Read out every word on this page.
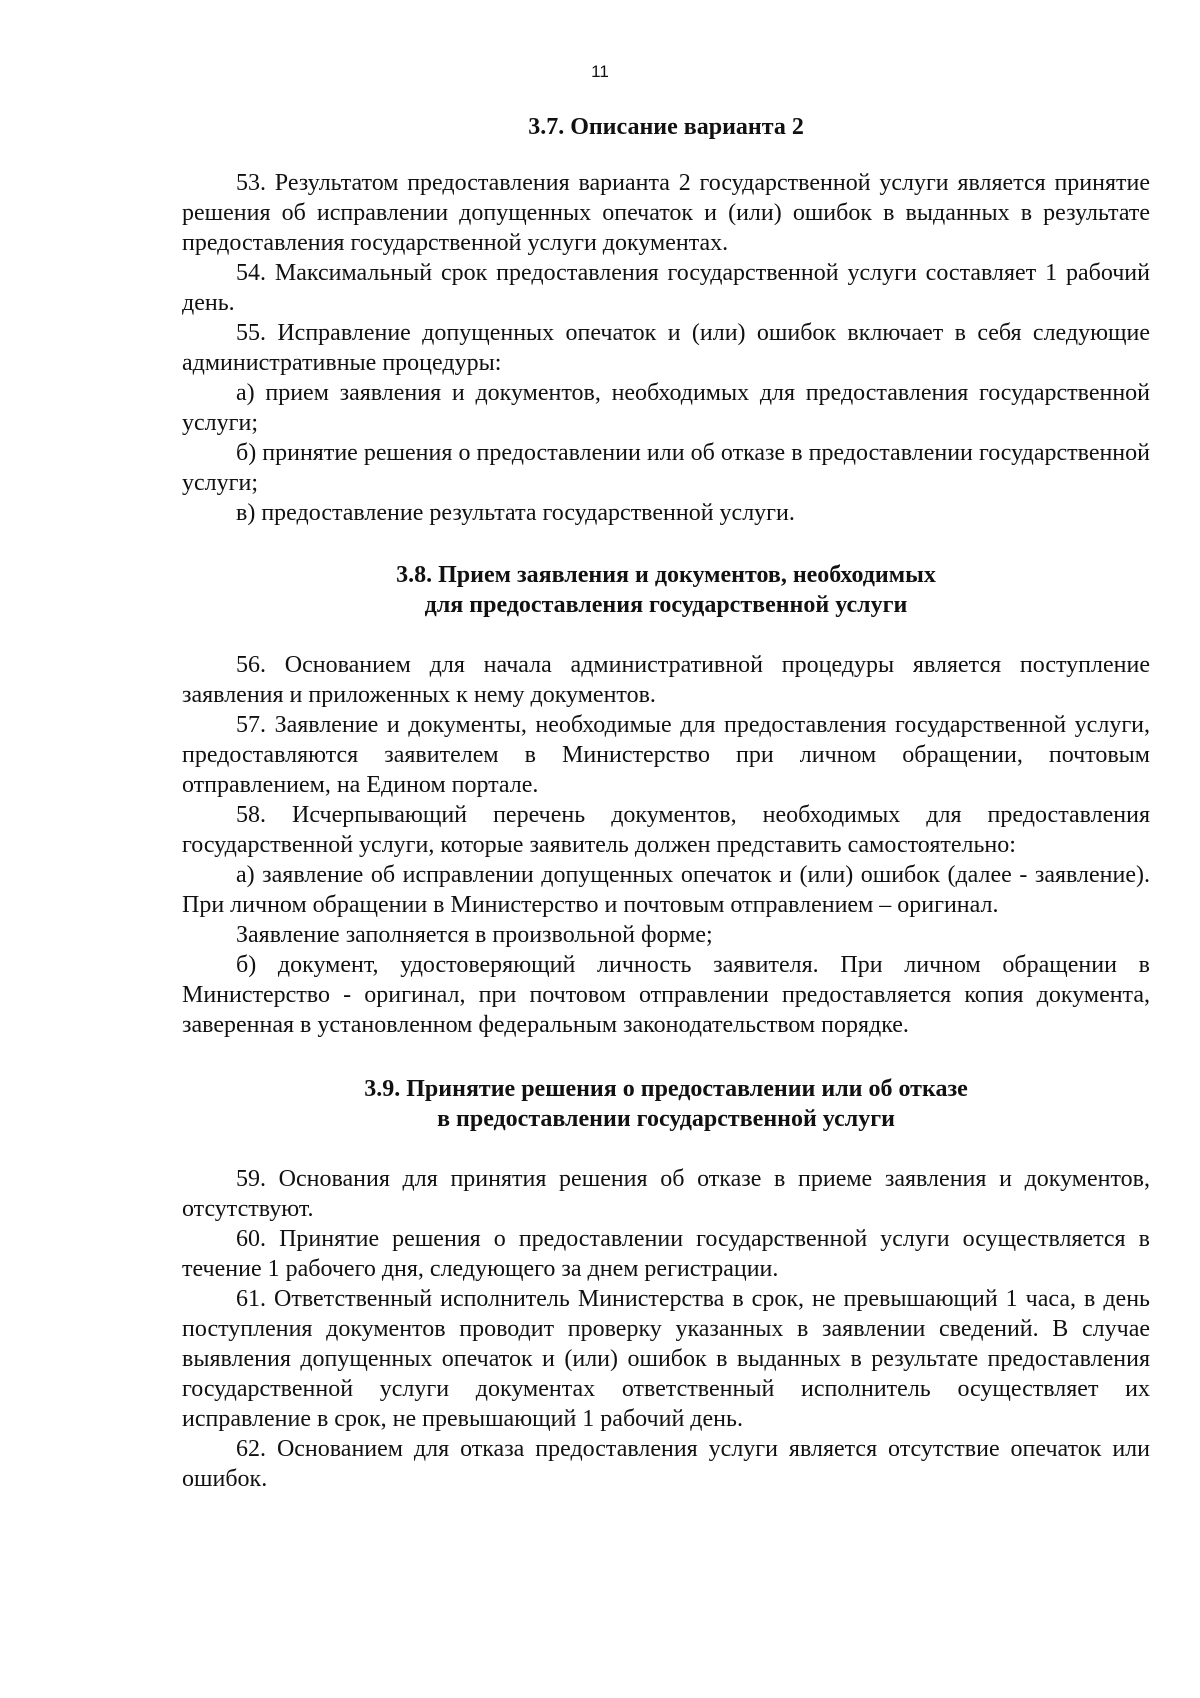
11
3.7. Описание варианта 2

53. Результатом предоставления варианта 2 государственной услуги является принятие решения об исправлении допущенных опечаток и (или) ошибок в выданных в результате предоставления государственной услуги документах.

54. Максимальный срок предоставления государственной услуги составляет 1 рабочий день.

55. Исправление допущенных опечаток и (или) ошибок включает в себя следующие административные процедуры:

а) прием заявления и документов, необходимых для предоставления государственной услуги;

б) принятие решения о предоставлении или об отказе в предоставлении государственной услуги;

в) предоставление результата государственной услуги.

3.8. Прием заявления и документов, необходимых
для предоставления государственной услуги

56. Основанием для начала административной процедуры является поступление заявления и приложенных к нему документов.

57. Заявление и документы, необходимые для предоставления государственной услуги, предоставляются заявителем в Министерство при личном обращении, почтовым отправлением, на Едином портале.

58. Исчерпывающий перечень документов, необходимых для предоставления государственной услуги, которые заявитель должен представить самостоятельно:

а) заявление об исправлении допущенных опечаток и (или) ошибок (далее - заявление). При личном обращении в Министерство и почтовым отправлением – оригинал.

Заявление заполняется в произвольной форме;

б) документ, удостоверяющий личность заявителя. При личном обращении в Министерство - оригинал, при почтовом отправлении предоставляется копия документа, заверенная в установленном федеральным законодательством порядке.

3.9. Принятие решения о предоставлении или об отказе
в предоставлении государственной услуги

59. Основания для принятия решения об отказе в приеме заявления и документов, отсутствуют.

60. Принятие решения о предоставлении государственной услуги осуществляется в течение 1 рабочего дня, следующего за днем регистрации.

61. Ответственный исполнитель Министерства в срок, не превышающий 1 часа, в день поступления документов проводит проверку указанных в заявлении сведений. В случае выявления допущенных опечаток и (или) ошибок в выданных в результате предоставления государственной услуги документах ответственный исполнитель осуществляет их исправление в срок, не превышающий 1 рабочий день.

62. Основанием для отказа предоставления услуги является отсутствие опечаток или ошибок.
